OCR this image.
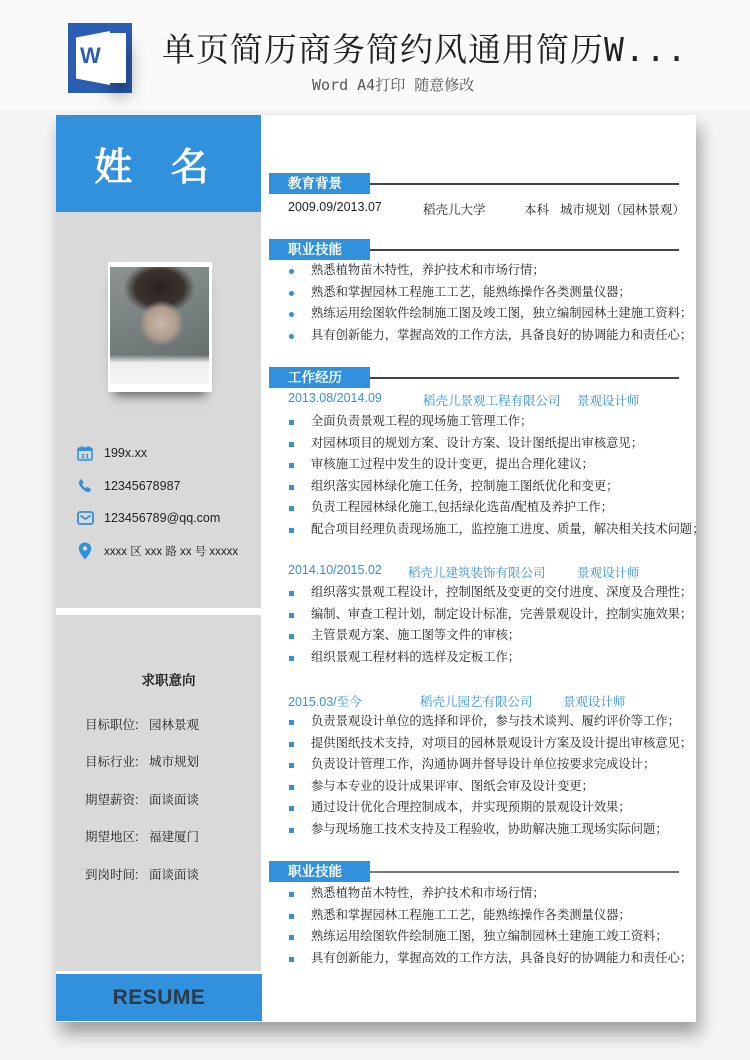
W 单页简历商务简约风通用简历W...
Word A4打印 随意修改
姓 名
31 199x.xx
12345678987
123456789@qq.com
xxxx 区 xxx 路 xx 号 xxxxx
求职意向
目标职位: 园林景观
目标行业: 城市规划
期望薪资: 面谈面谈
期望地区: 福建厦门
到岗时间: 面谈面谈
RESUME
教育背景
2009.09/2013.07	稻壳儿大学	本科 城市规划（园林景观）
职业技能
熟悉植物苗木特性，养护技术和市场行情；
熟悉和掌握园林工程施工工艺，能熟练操作各类测量仪器；
熟练运用绘图软件绘制施工图及竣工图，独立编制园林土建施工资料；
具有创新能力，掌握高效的工作方法，具备良好的协调能力和责任心；
工作经历
2013.08/2014.09	稻壳儿景观工程有限公司 景观设计师
全面负责景观工程的现场施工管理工作；
对园林项目的规划方案、设计方案、设计图纸提出审核意见；
审核施工过程中发生的设计变更，提出合理化建议；
组织落实园林绿化施工任务，控制施工图纸优化和变更；
负责工程园林绿化施工,包括绿化选苗/配植及养护工作；
配合项目经理负责现场施工，监控施工进度、质量，解决相关技术问题；
2014.10/2015.02 稻壳儿建筑装饰有限公司	景观设计师
组织落实景观工程设计，控制图纸及变更的交付进度、深度及合理性；
编制、审查工程计划，制定设计标准，完善景观设计，控制实施效果；
主管景观方案、施工图等文件的审核；
组织景观工程材料的选样及定板工作；
2015.03/至今	稻壳儿园艺有限公司 景观设计师
负责景观设计单位的选择和评价，参与技术谈判、履约评价等工作；
提供图纸技术支持，对项目的园林景观设计方案及设计提出审核意见；
负责设计管理工作，沟通协调并督导设计单位按要求完成设计；
参与本专业的设计成果评审、图纸会审及设计变更；
通过设计优化合理控制成本，并实现预期的景观设计效果；
参与现场施工技术支持及工程验收，协助解决施工现场实际问题；
职业技能
熟悉植物苗木特性，养护技术和市场行情；
熟悉和掌握园林工程施工工艺，能熟练操作各类测量仪器；
熟练运用绘图软件绘制施工图，独立编制园林土建施工竣工资料；
具有创新能力，掌握高效的工作方法，具备良好的协调能力和责任心；
